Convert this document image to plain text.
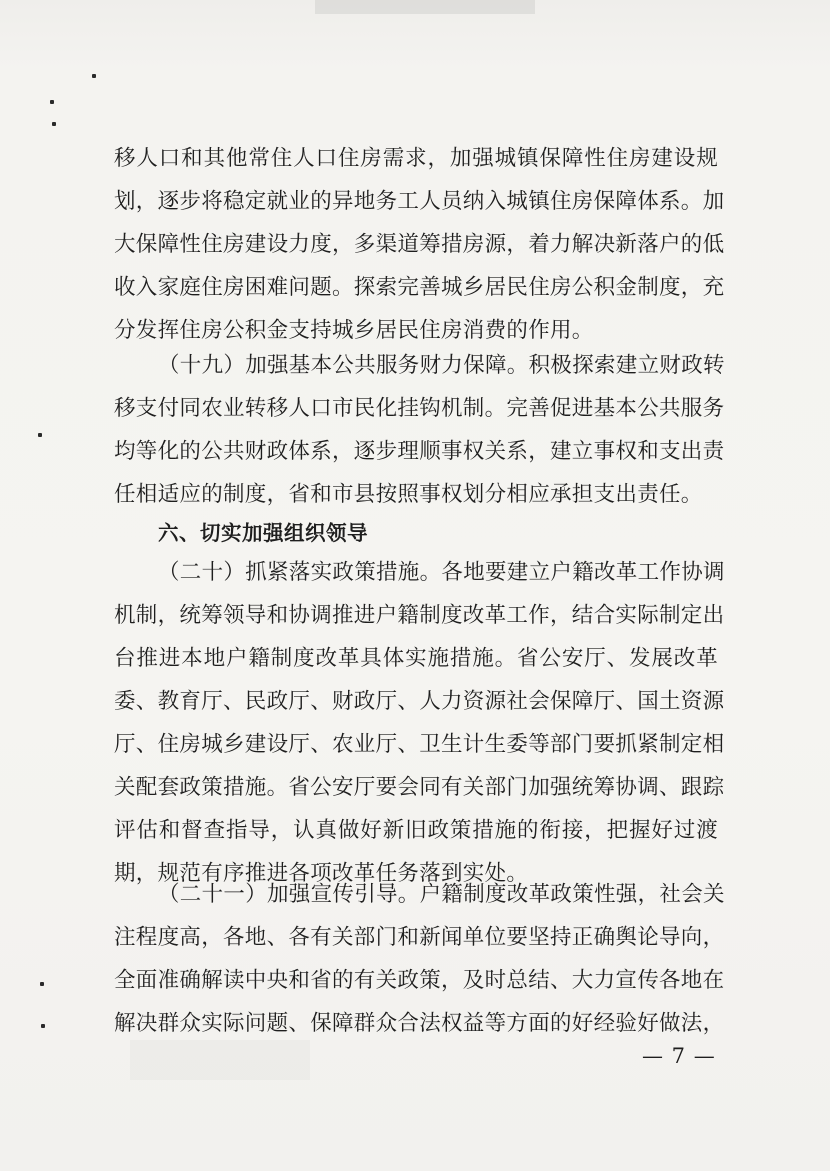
移人口和其他常住人口住房需求，加强城镇保障性住房建设规
划，逐步将稳定就业的异地务工人员纳入城镇住房保障体系。加
大保障性住房建设力度，多渠道筹措房源，着力解决新落户的低
收入家庭住房困难问题。探索完善城乡居民住房公积金制度，充
分发挥住房公积金支持城乡居民住房消费的作用。
（十九）加强基本公共服务财力保障。积极探索建立财政转
移支付同农业转移人口市民化挂钩机制。完善促进基本公共服务
均等化的公共财政体系，逐步理顺事权关系，建立事权和支出责
任相适应的制度，省和市县按照事权划分相应承担支出责任。
六、切实加强组织领导
（二十）抓紧落实政策措施。各地要建立户籍改革工作协调
机制，统筹领导和协调推进户籍制度改革工作，结合实际制定出
台推进本地户籍制度改革具体实施措施。省公安厅、发展改革
委、教育厅、民政厅、财政厅、人力资源社会保障厅、国土资源
厅、住房城乡建设厅、农业厅、卫生计生委等部门要抓紧制定相
关配套政策措施。省公安厅要会同有关部门加强统筹协调、跟踪
评估和督查指导，认真做好新旧政策措施的衔接，把握好过渡
期，规范有序推进各项改革任务落到实处。
（二十一）加强宣传引导。户籍制度改革政策性强，社会关
注程度高，各地、各有关部门和新闻单位要坚持正确舆论导向，
全面准确解读中央和省的有关政策，及时总结、大力宣传各地在
解决群众实际问题、保障群众合法权益等方面的好经验好做法，
— 7 —
